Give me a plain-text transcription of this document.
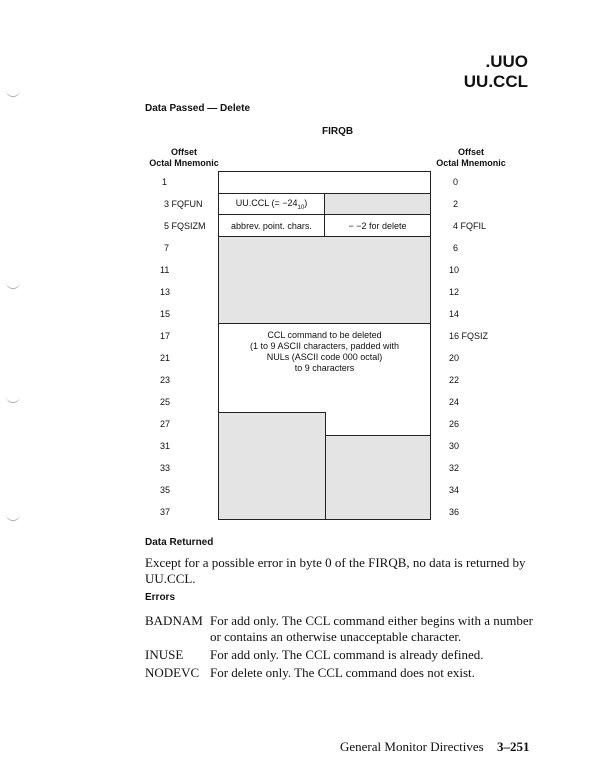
.UUO
UU.CCL
Data Passed — Delete
FIRQB
Offset
Octal Mnemonic
Offset
Octal Mnemonic
UU.CCL (= $-24_{10}$)
abbrev. point. chars.	− −2 for delete
CCL command to be deleted
(1 to 9 ASCII characters, padded with
NULs (ASCII code 000 octal)
to 9 characters
1
3 FQFUN
5 FQSIZM
7
11
13
15
17
21
23
25
27
31
33
35
37
0
2
4 FQFIL
6
10
12
14
16 FQSIZ
20
22
24
26
30
32
34
36
Data Returned
Except for a possible error in byte 0 of the FIRQB, no data is returned by UU.CCL.
Errors
BADNAM For add only. The CCL command either begins with a number or contains an otherwise unacceptable character.
INUSE	For add only. The CCL command is already defined.
NODEVC For delete only. The CCL command does not exist.
General Monitor Directives 3–251
